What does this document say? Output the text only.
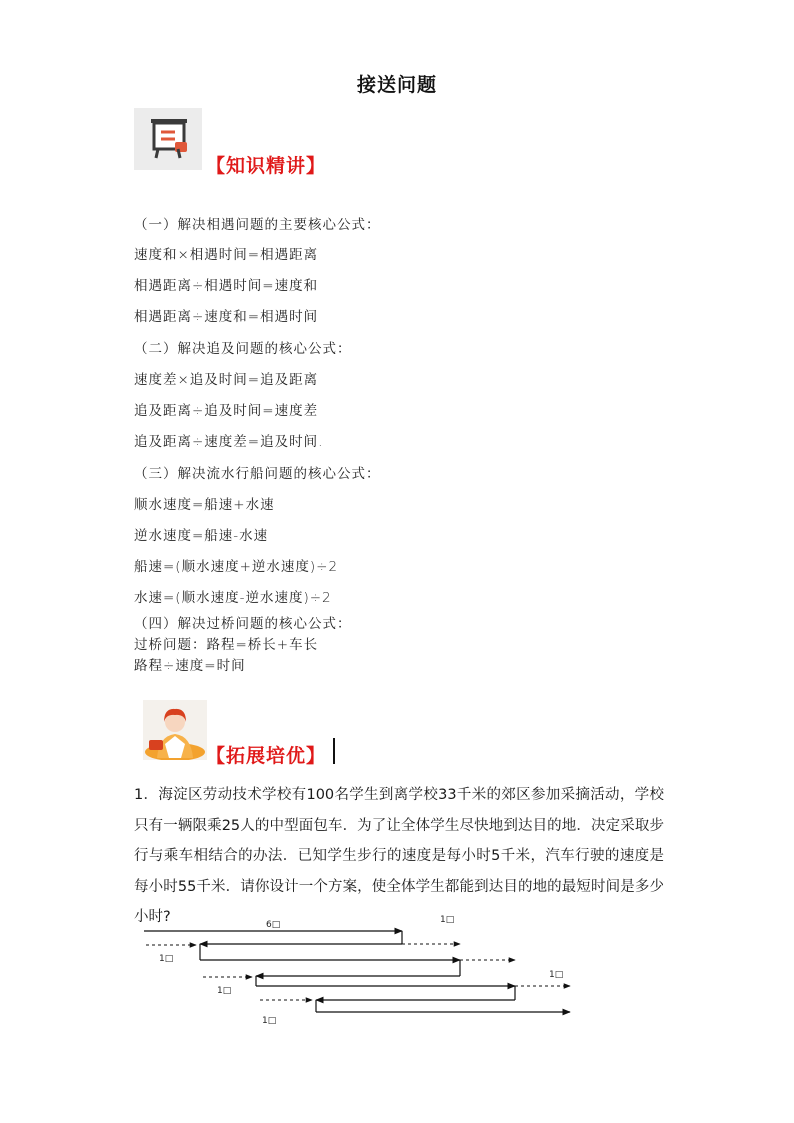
接送问题
【知识精讲】
（一）解决相遇问题的主要核心公式：
速度和×相遇时间=相遇距离
相遇距离÷相遇时间=速度和
相遇距离÷速度和=相遇时间
（二）解决追及问题的核心公式：
速度差×追及时间=追及距离
追及距离÷追及时间=速度差
追及距离÷速度差=追及时间.
（三）解决流水行船问题的核心公式：
顺水速度=船速+水速
逆水速度=船速-水速
船速=(顺水速度+逆水速度)÷2
水速=(顺水速度-逆水速度)÷2
（四）解决过桥问题的核心公式：
过桥问题：路程=桥长+车长
路程÷速度=时间
【拓展培优】
1．海淀区劳动技术学校有100名学生到离学校33千米的郊区参加采摘活动，学校只有一辆限乘25人的中型面包车．为了让全体学生尽快地到达目的地．决定采取步行与乘车相结合的办法．已知学生步行的速度是每小时5千米，汽车行驶的速度是每小时55千米．请你设计一个方案，使全体学生都能到达目的地的最短时间是多少小时?	6□	1□
1□
1□
1□
1□
